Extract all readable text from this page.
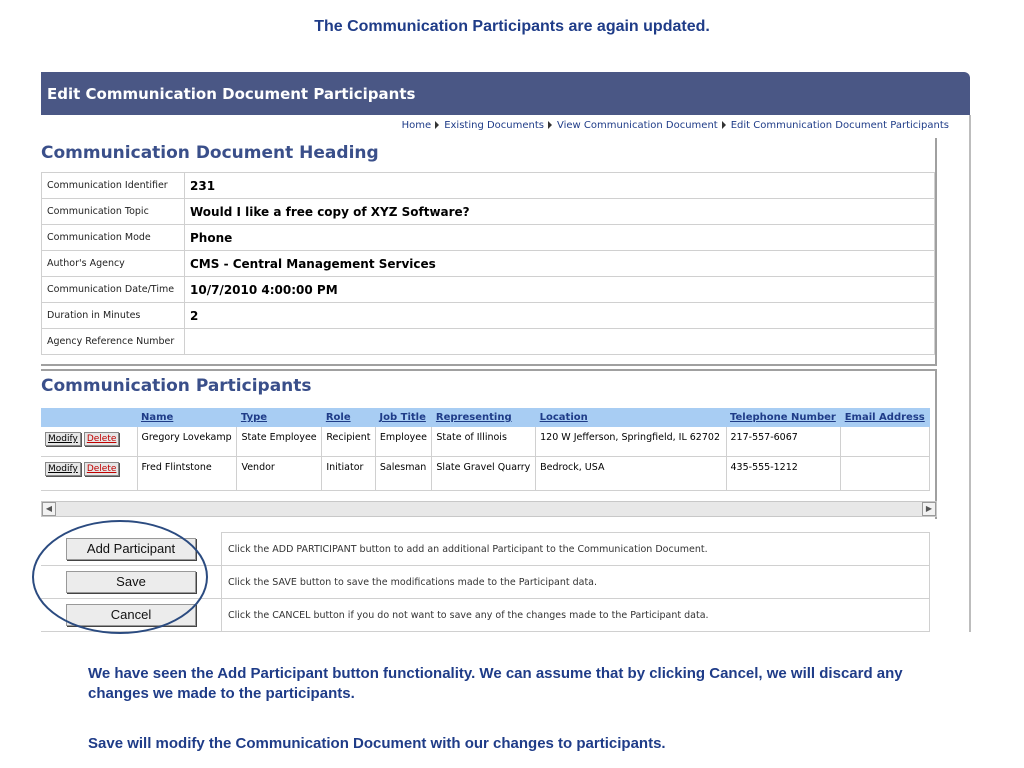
The Communication Participants are again updated.
Edit Communication Document Participants
Home Existing Documents View Communication Document Edit Communication Document Participants
Communication Document Heading
Communication Identifier	231
Communication Topic	Would I like a free copy of XYZ Software?
Communication Mode	Phone
Author's Agency	CMS - Central Management Services
Communication Date/Time	10/7/2010 4:00:00 PM
Duration in Minutes	2
Agency Reference Number	
Communication Participants
	Name	Type	Role	Job Title	Representing	Location	Telephone Number	Email Address
Modify Delete	Gregory Lovekamp	State Employee	Recipient	Employee	State of Illinois	120 W Jefferson, Springfield, IL 62702	217-557-6067	
Modify Delete	Fred Flintstone	Vendor	Initiator	Salesman	Slate Gravel Quarry	Bedrock, USA	435-555-1212	
◀	▶
Add Participant	Click the ADD PARTICIPANT button to add an additional Participant to the Communication Document.
Save	Click the SAVE button to save the modifications made to the Participant data.
Cancel	Click the CANCEL button if you do not want to save any of the changes made to the Participant data.
We have seen the Add Participant button functionality. We can assume that by clicking Cancel, we will discard any changes we made to the participants.
Save will modify the Communication Document with our changes to participants.
